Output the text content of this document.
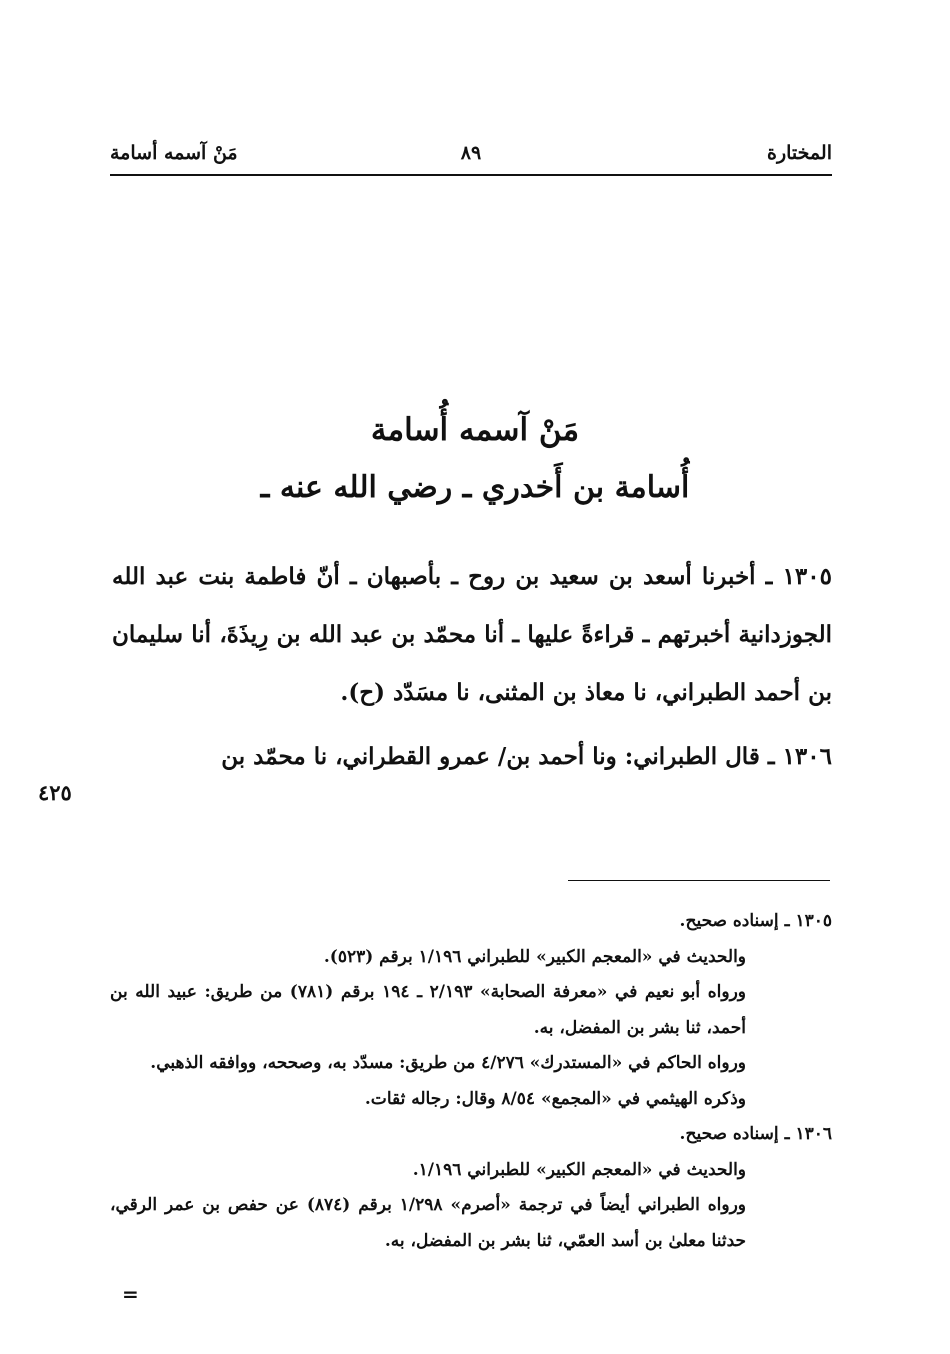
المختارة
٨٩
مَنْ آسمه أسامة
مَنْ آسمه أُسامة
أُسامة بن أَخدري ـ رضي الله عنه ـ

١٣٠٥ ـ أخبرنا أسعد بن سعيد بن روح ـ بأصبهان ـ أنّ فاطمة بنت عبد الله الجوزدانية أخبرتهم ـ قراءةً عليها ـ أنا محمّد بن عبد الله بن رِيذَةَ، أنا سليمان بن أحمد الطبراني، نا معاذ بن المثنى، نا مسَدّد (ح).

١٣٠٦ ـ قال الطبراني: ونا أحمد بن/ عمرو القطراني، نا محمّد بن

٤٢٥

١٣٠٥ ـ إسناده صحيح.

والحديث في «المعجم الكبير» للطبراني ١/١٩٦ برقم (٥٢٣).

ورواه أبو نعيم في «معرفة الصحابة» ٢/١٩٣ ـ ١٩٤ برقم (٧٨١) من طريق: عبيد الله بن أحمد، ثنا بشر بن المفضل، به.

ورواه الحاكم في «المستدرك» ٤/٢٧٦ من طريق: مسدّد به، وصححه، ووافقه الذهبي.

وذكره الهيثمي في «المجمع» ٨/٥٤ وقال: رجاله ثقات.

١٣٠٦ ـ إسناده صحيح.

والحديث في «المعجم الكبير» للطبراني ١/١٩٦.

ورواه الطبراني أيضاً في ترجمة «أصرم» ١/٢٩٨ برقم (٨٧٤) عن حفص بن عمر الرقي، حدثنا معلىٰ بن أسد العمّي، ثنا بشر بن المفضل، به.

=
